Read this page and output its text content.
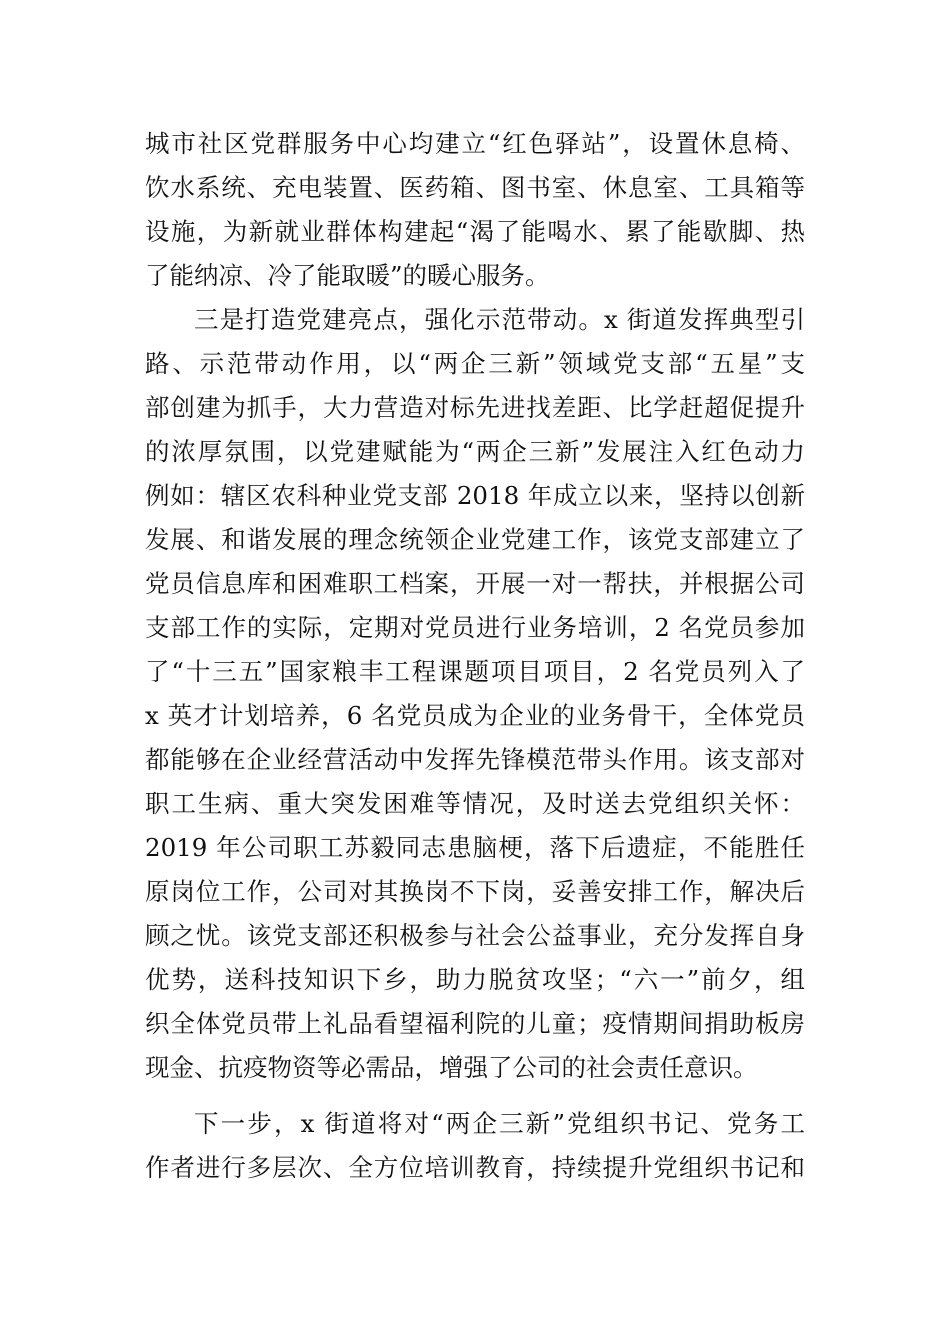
城市社区党群服务中心均建立“红色驿站”，设置休息椅、
饮水系统、充电装置、医药箱、图书室、休息室、工具箱等
设施，为新就业群体构建起“渴了能喝水、累了能歇脚、热
了能纳凉、冷了能取暖”的暖心服务。
三是打造党建亮点，强化示范带动。x 街道发挥典型引
路、示范带动作用，以“两企三新”领域党支部“五星”支
部创建为抓手，大力营造对标先进找差距、比学赶超促提升
的浓厚氛围，以党建赋能为“两企三新”发展注入红色动力
例如：辖区农科种业党支部 2018 年成立以来，坚持以创新
发展、和谐发展的理念统领企业党建工作，该党支部建立了
党员信息库和困难职工档案，开展一对一帮扶，并根据公司
支部工作的实际，定期对党员进行业务培训，2 名党员参加
了“十三五”国家粮丰工程课题项目项目，2 名党员列入了
x 英才计划培养，6 名党员成为企业的业务骨干，全体党员
都能够在企业经营活动中发挥先锋模范带头作用。该支部对
职工生病、重大突发困难等情况，及时送去党组织关怀：
2019 年公司职工苏毅同志患脑梗，落下后遗症，不能胜任
原岗位工作，公司对其换岗不下岗，妥善安排工作，解决后
顾之忧。该党支部还积极参与社会公益事业，充分发挥自身
优势，送科技知识下乡，助力脱贫攻坚；“六一”前夕，组
织全体党员带上礼品看望福利院的儿童；疫情期间捐助板房
现金、抗疫物资等必需品，增强了公司的社会责任意识。
下一步，x 街道将对“两企三新”党组织书记、党务工
作者进行多层次、全方位培训教育，持续提升党组织书记和
